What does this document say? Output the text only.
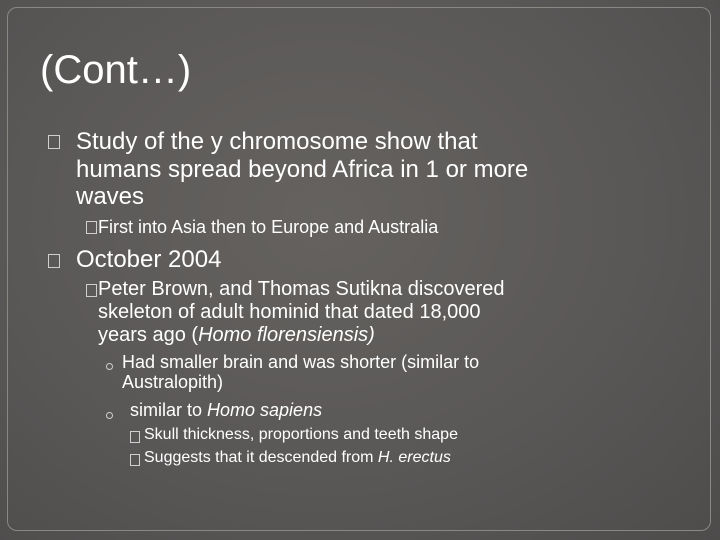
(Cont…)
Study of the y chromosome show that
humans spread beyond Africa in 1 or more
waves
First into Asia then to Europe and Australia
October 2004
Peter Brown, and Thomas Sutikna discovered
skeleton of adult hominid that dated 18,000
years ago (Homo florensiensis)
Had smaller brain and was shorter (similar to
Australopith)
similar to Homo sapiens
Skull thickness, proportions and teeth shape
Suggests that it descended from H. erectus
